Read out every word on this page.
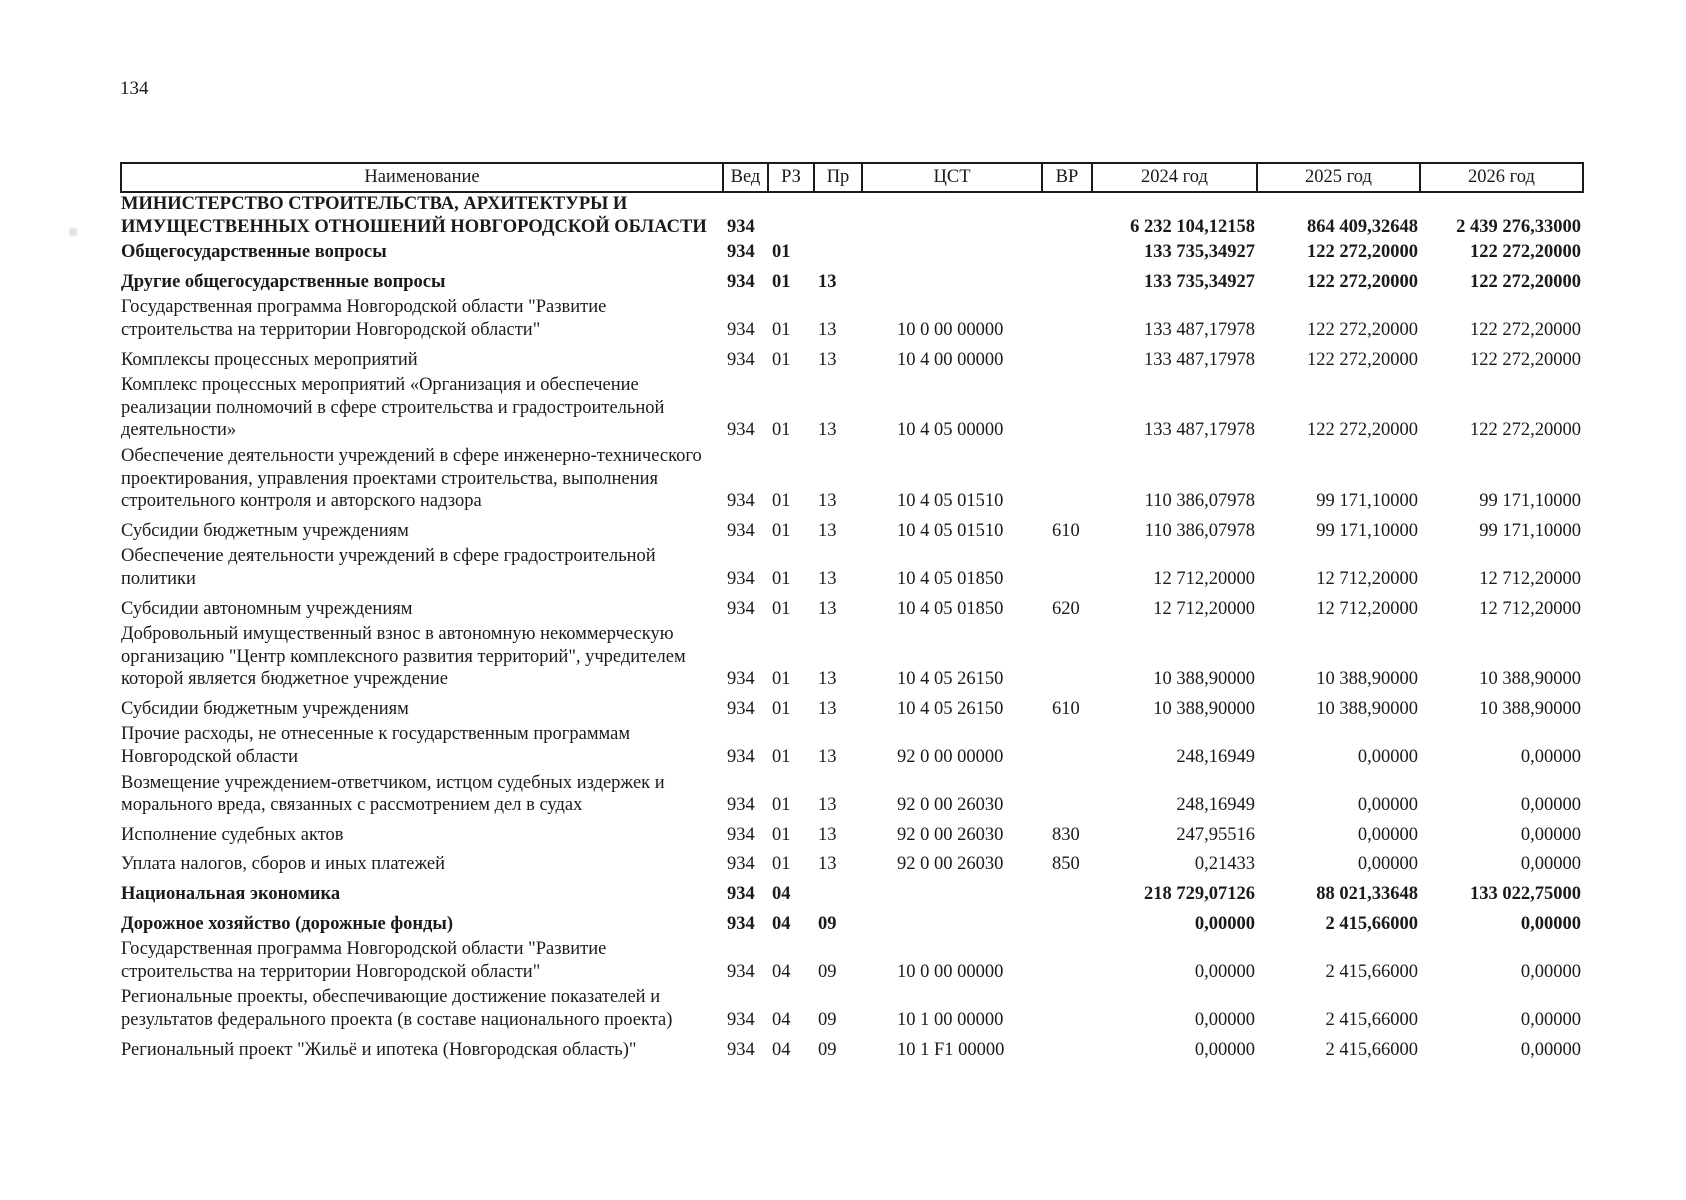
134
Наименование	Вед	РЗ	Пр	ЦСТ	ВР	2024 год	2025 год	2026 год
МИНИСТЕРСТВО СТРОИТЕЛЬСТВА, АРХИТЕКТУРЫ И ИМУЩЕСТВЕННЫХ ОТНОШЕНИЙ НОВГОРОДСКОЙ ОБЛАСТИ	934					6 232 104,12158	864 409,32648	2 439 276,33000
Общегосударственные вопросы	934	01				133 735,34927	122 272,20000	122 272,20000
Другие общегосударственные вопросы	934	01	13			133 735,34927	122 272,20000	122 272,20000
Государственная программа Новгородской области "Развитие строительства на территории Новгородской области"	934	01	13	10 0 00 00000		133 487,17978	122 272,20000	122 272,20000
Комплексы процессных мероприятий	934	01	13	10 4 00 00000		133 487,17978	122 272,20000	122 272,20000
Комплекс процессных мероприятий «Организация и обеспечение реализации полномочий в сфере строительства и градостроительной деятельности»	934	01	13	10 4 05 00000		133 487,17978	122 272,20000	122 272,20000
Обеспечение деятельности учреждений в сфере инженерно-технического проектирования, управления проектами строительства, выполнения строительного контроля и авторского надзора	934	01	13	10 4 05 01510		110 386,07978	99 171,10000	99 171,10000
Субсидии бюджетным учреждениям	934	01	13	10 4 05 01510	610	110 386,07978	99 171,10000	99 171,10000
Обеспечение деятельности учреждений в сфере градостроительной политики	934	01	13	10 4 05 01850		12 712,20000	12 712,20000	12 712,20000
Субсидии автономным учреждениям	934	01	13	10 4 05 01850	620	12 712,20000	12 712,20000	12 712,20000
Добровольный имущественный взнос в автономную некоммерческую организацию "Центр комплексного развития территорий", учредителем которой является бюджетное учреждение	934	01	13	10 4 05 26150		10 388,90000	10 388,90000	10 388,90000
Субсидии бюджетным учреждениям	934	01	13	10 4 05 26150	610	10 388,90000	10 388,90000	10 388,90000
Прочие расходы, не отнесенные к государственным программам Новгородской области	934	01	13	92 0 00 00000		248,16949	0,00000	0,00000
Возмещение учреждением-ответчиком, истцом судебных издержек и морального вреда, связанных с рассмотрением дел в судах	934	01	13	92 0 00 26030		248,16949	0,00000	0,00000
Исполнение судебных актов	934	01	13	92 0 00 26030	830	247,95516	0,00000	0,00000
Уплата налогов, сборов и иных платежей	934	01	13	92 0 00 26030	850	0,21433	0,00000	0,00000
Национальная экономика	934	04				218 729,07126	88 021,33648	133 022,75000
Дорожное хозяйство (дорожные фонды)	934	04	09			0,00000	2 415,66000	0,00000
Государственная программа Новгородской области "Развитие строительства на территории Новгородской области"	934	04	09	10 0 00 00000		0,00000	2 415,66000	0,00000
Региональные проекты, обеспечивающие достижение показателей и результатов федерального проекта (в составе национального проекта)	934	04	09	10 1 00 00000		0,00000	2 415,66000	0,00000
Региональный проект "Жильё и ипотека (Новгородская область)"	934	04	09	10 1 F1 00000		0,00000	2 415,66000	0,00000
